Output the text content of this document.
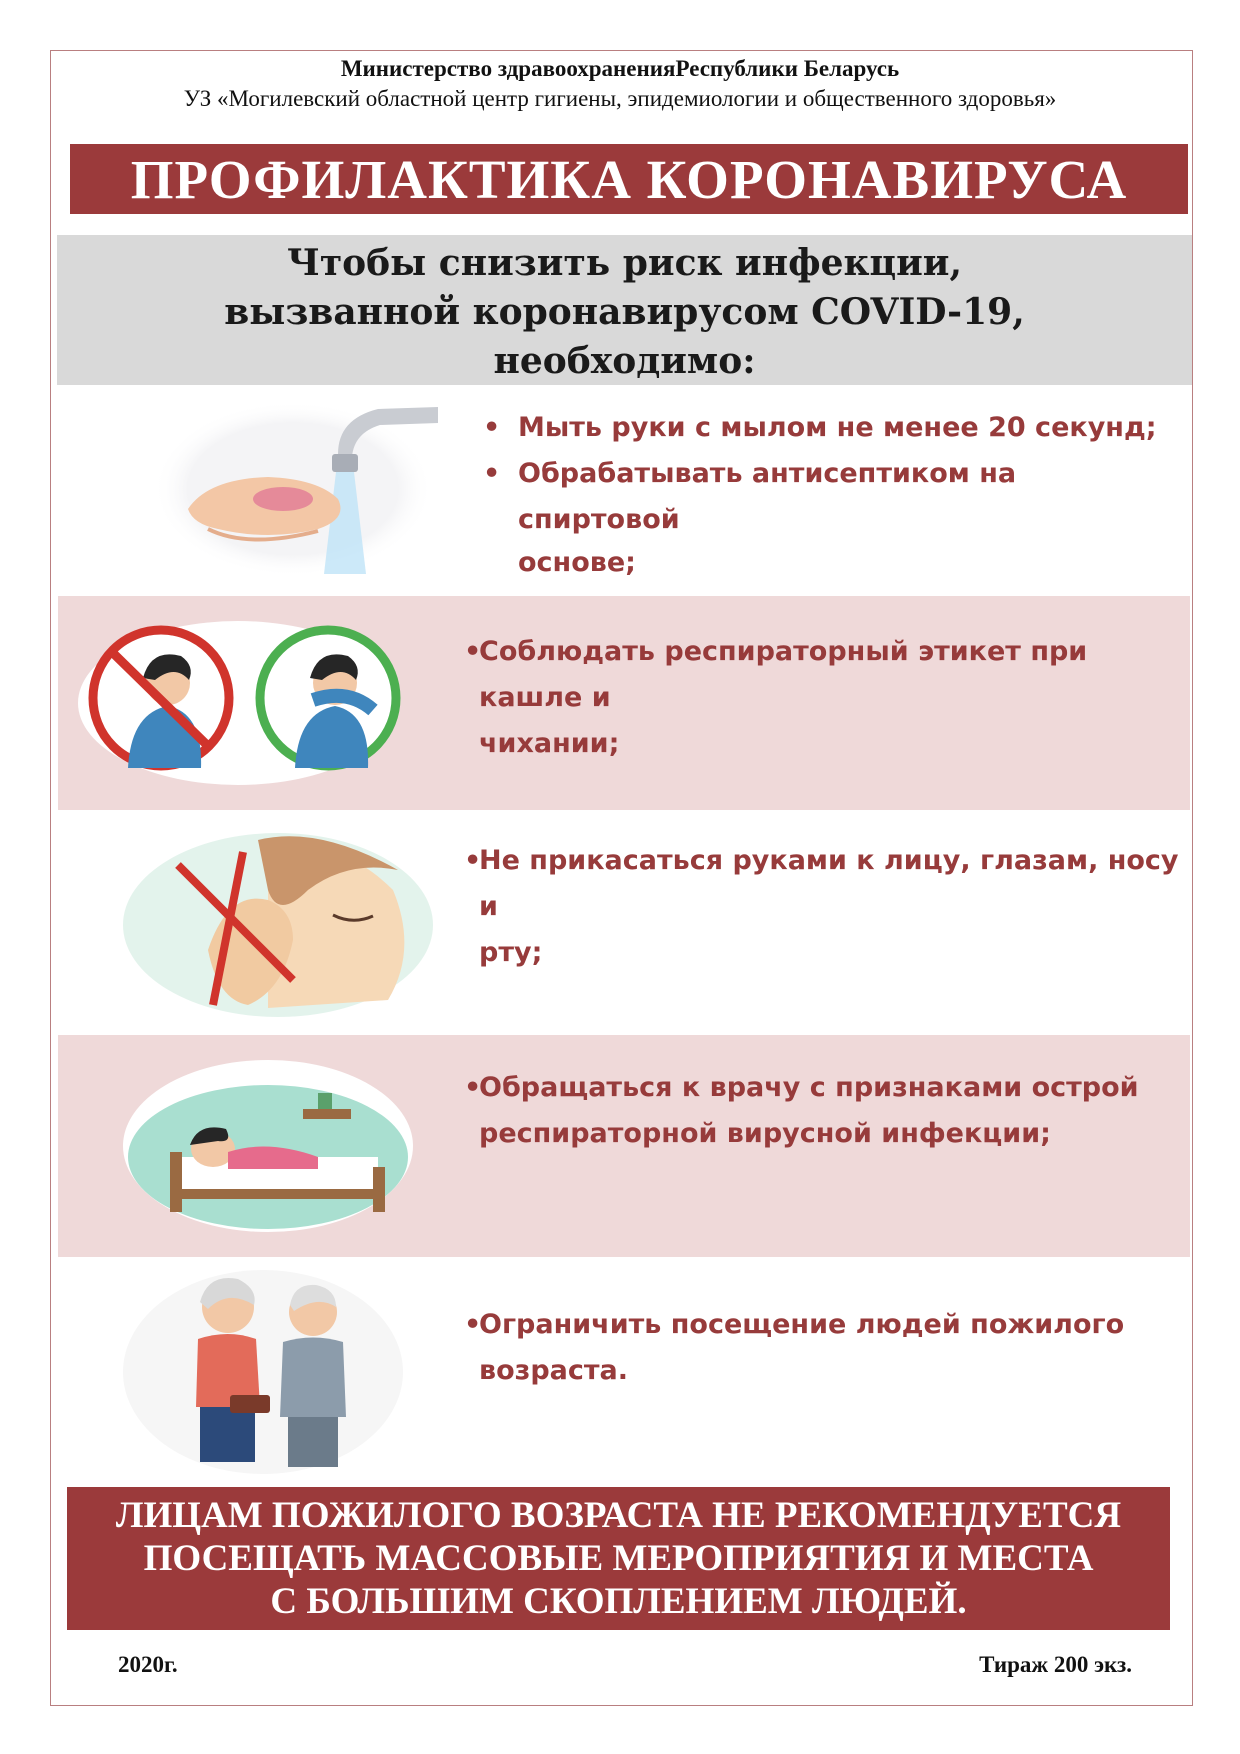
Министерство здравоохраненияРеспублики Беларусь
УЗ «Могилевский областной центр гигиены, эпидемиологии и общественного здоровья»
ПРОФИЛАКТИКА КОРОНАВИРУСА
Чтобы снизить риск инфекции,
вызванной коронавирусом COVID-19,
необходимо:
• Мыть руки с мылом не менее 20 секунд;
• Обрабатывать антисептиком на спиртовой
основе;
•
Соблюдать респираторный этикет при кашле и
чихании;
•
Не прикасаться руками к лицу, глазам, носу и
рту;
•
Обращаться к врачу с признаками острой
респираторной вирусной инфекции;
•
Ограничить посещение людей пожилого
возраста.
ЛИЦАМ ПОЖИЛОГО ВОЗРАСТА НЕ РЕКОМЕНДУЕТСЯ
ПОСЕЩАТЬ МАССОВЫЕ МЕРОПРИЯТИЯ И МЕСТА
С БОЛЬШИМ СКОПЛЕНИЕМ ЛЮДЕЙ.
2020г.	Тираж 200 экз.
